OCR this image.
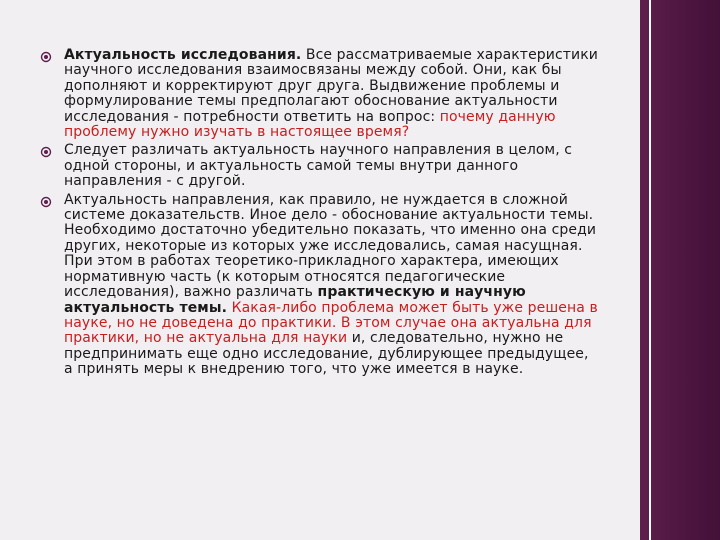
Актуальность исследования. Все рассматриваемые характеристики научного исследования взаимосвязаны между собой. Они, как бы дополняют и корректируют друг друга. Выдвижение проблемы и формулирование темы предполагают обоснование актуальности исследования - потребности ответить на вопрос: почему данную проблему нужно изучать в настоящее время?
Следует различать актуальность научного направления в целом, с одной стороны, и актуальность самой темы внутри данного направления - с другой.
Актуальность направления, как правило, не нуждается в сложной системе доказательств. Иное дело - обоснование актуальности темы. Необходимо достаточно убедительно показать, что именно она среди других, некоторые из которых уже исследовались, самая насущная. При этом в работах теоретико-прикладного характера, имеющих нормативную часть (к которым относятся педагогические исследования), важно различать практическую и научную актуальность темы. Какая-либо проблема может быть уже решена в науке, но не доведена до практики. В этом случае она актуальна для практики, но не актуальна для науки и, следовательно, нужно не предпринимать еще одно исследование, дублирующее предыдущее, а принять меры к внедрению того, что уже имеется в науке.
